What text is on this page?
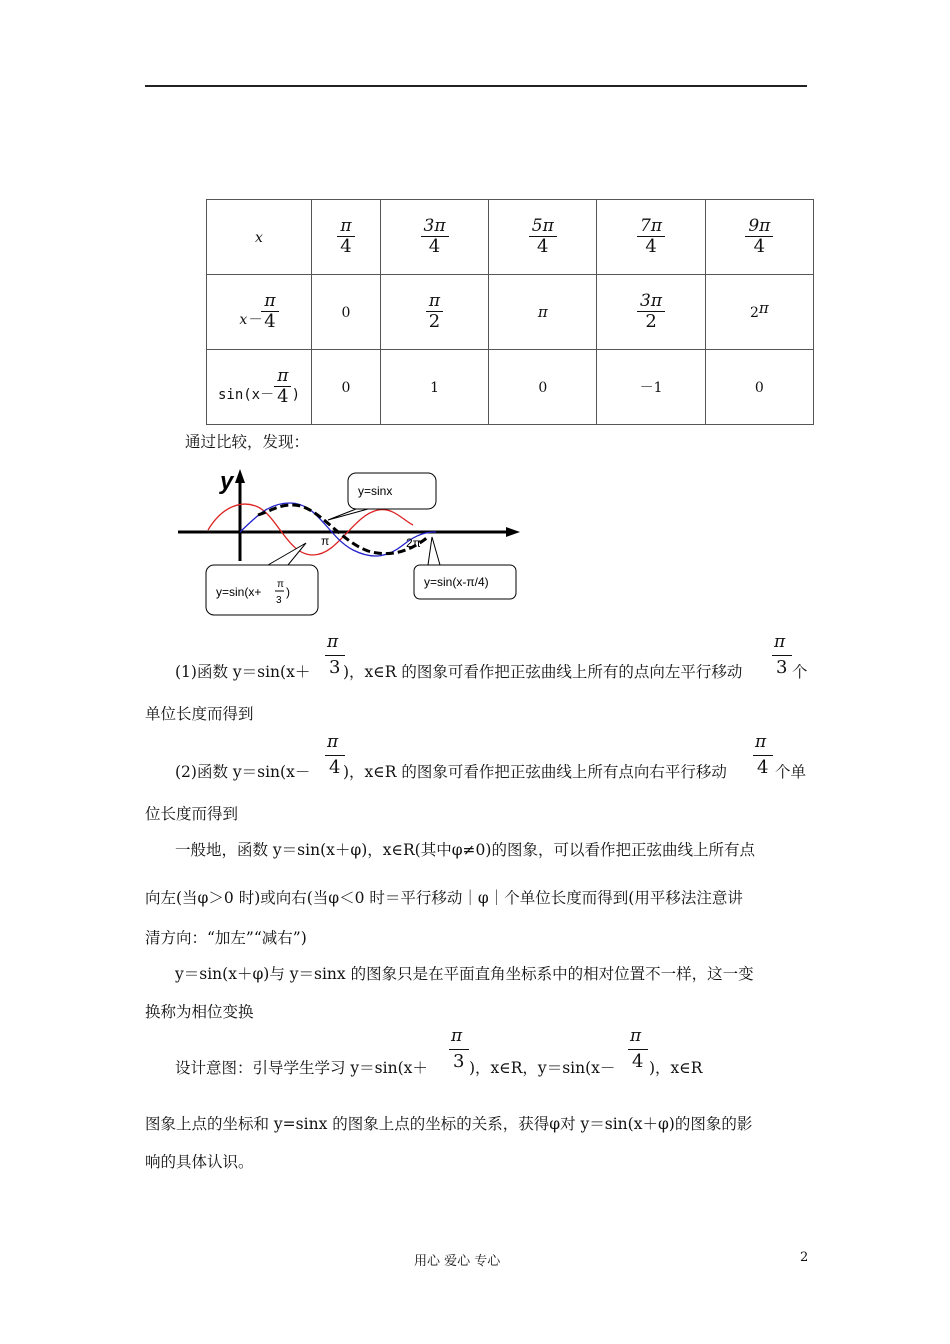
x	$\frac{\pi}{4}$	$\frac{3\pi}{4}$	$\frac{5\pi}{4}$	$\frac{7\pi}{4}$	$\frac{9\pi}{4}$

$x- \frac{\pi}{4}$	0	$\frac{\pi}{2}$	π	$\frac{3\pi}{2}$	2π
$\sin(x- \frac{\pi}{4}$ )	0	1	0	－1	0
通过比较，发现：
y
π	2π
y=sinx
y=sin(x+
π
3
)
y=sin(x-π/4)
π
3
(1)函数 y＝sin(x＋ )，x∈R 的图象可看作把正弦曲线上所有的点向左平行移动
π
3 个
单位长度而得到
π
4
(2)函数 y＝sin(x－ )，x∈R 的图象可看作把正弦曲线上所有点向右平行移动
π
4 个单
位长度而得到
一般地，函数 y＝sin(x＋φ)，x∈R(其中φ≠0)的图象，可以看作把正弦曲线上所有点
向左(当φ＞0 时)或向右(当φ＜0 时＝平行移动｜φ｜个单位长度而得到(用平移法注意讲
清方向：“加左”“减右”)
y＝sin(x＋φ)与 y＝sinx 的图象只是在平面直角坐标系中的相对位置不一样，这一变
换称为相位变换
π
3
设计意图：引导学生学习 y＝sin(x＋	)，x∈R，y＝sin(x－
π
4 )，x∈R
图象上点的坐标和 y=sinx 的图象上点的坐标的关系，获得φ对 y＝sin(x＋φ)的图象的影
响的具体认识。
用心 爱心 专心	2
